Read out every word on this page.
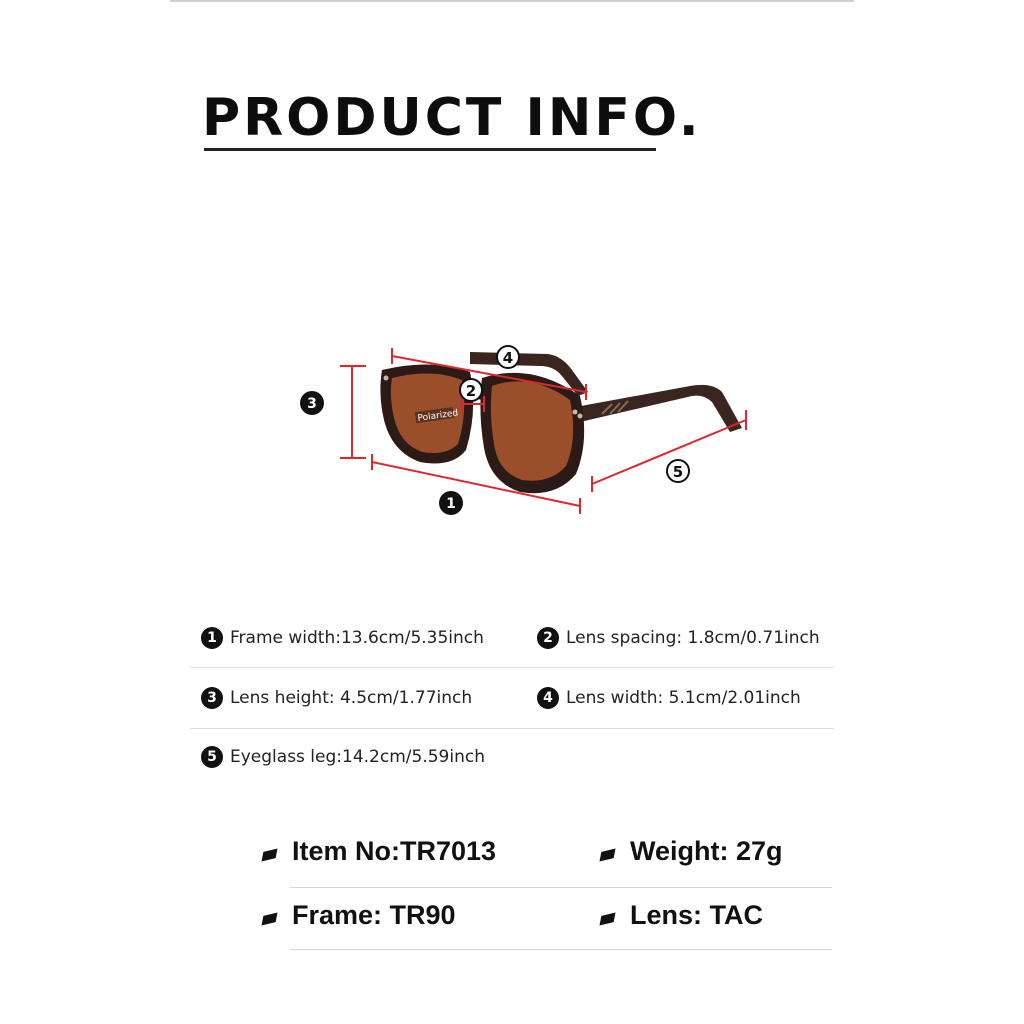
PRODUCT INFO.
Polarized
1
2
3
4
5
1 Frame width:13.6cm/5.35inch	2 Lens spacing: 1.8cm/0.71inch
3 Lens height: 4.5cm/1.77inch	4 Lens width: 5.1cm/2.01inch
5 Eyeglass leg:14.2cm/5.59inch
Item No:TR7013	Weight: 27g
Frame: TR90	Lens: TAC
